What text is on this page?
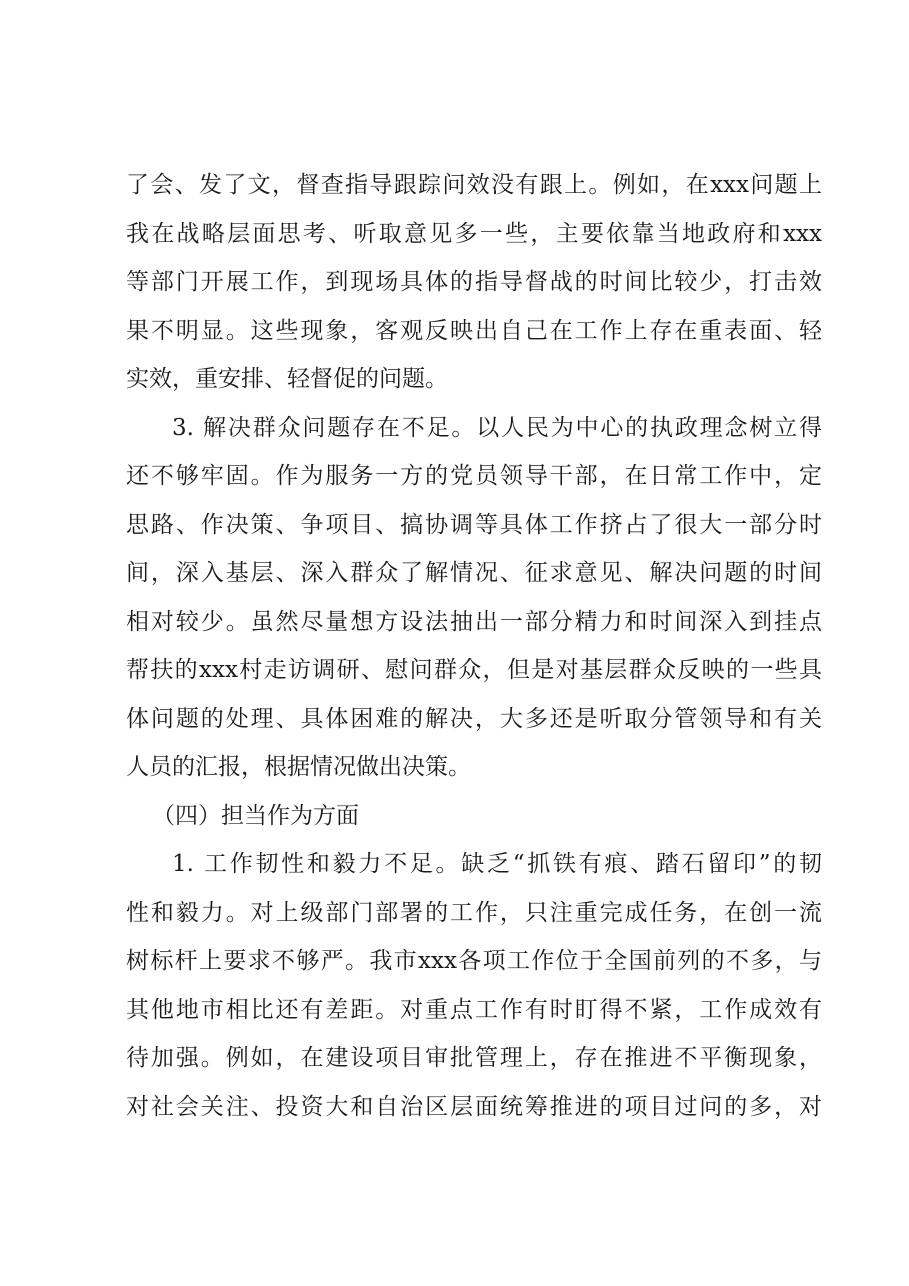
了会、发了文，督查指导跟踪问效没有跟上。例如，在xxx问题上
我在战略层面思考、听取意见多一些，主要依靠当地政府和xxx
等部门开展工作，到现场具体的指导督战的时间比较少，打击效
果不明显。这些现象，客观反映出自己在工作上存在重表面、轻
实效，重安排、轻督促的问题。
3. 解决群众问题存在不足。以人民为中心的执政理念树立得
还不够牢固。作为服务一方的党员领导干部，在日常工作中，定
思路、作决策、争项目、搞协调等具体工作挤占了很大一部分时
间，深入基层、深入群众了解情况、征求意见、解决问题的时间
相对较少。虽然尽量想方设法抽出一部分精力和时间深入到挂点
帮扶的xxx村走访调研、慰问群众，但是对基层群众反映的一些具
体问题的处理、具体困难的解决，大多还是听取分管领导和有关
人员的汇报，根据情况做出决策。
（四）担当作为方面
1. 工作韧性和毅力不足。缺乏“抓铁有痕、踏石留印”的韧
性和毅力。对上级部门部署的工作，只注重完成任务，在创一流
树标杆上要求不够严。我市xxx各项工作位于全国前列的不多，与
其他地市相比还有差距。对重点工作有时盯得不紧，工作成效有
待加强。例如，在建设项目审批管理上，存在推进不平衡现象，
对社会关注、投资大和自治区层面统筹推进的项目过问的多，对
